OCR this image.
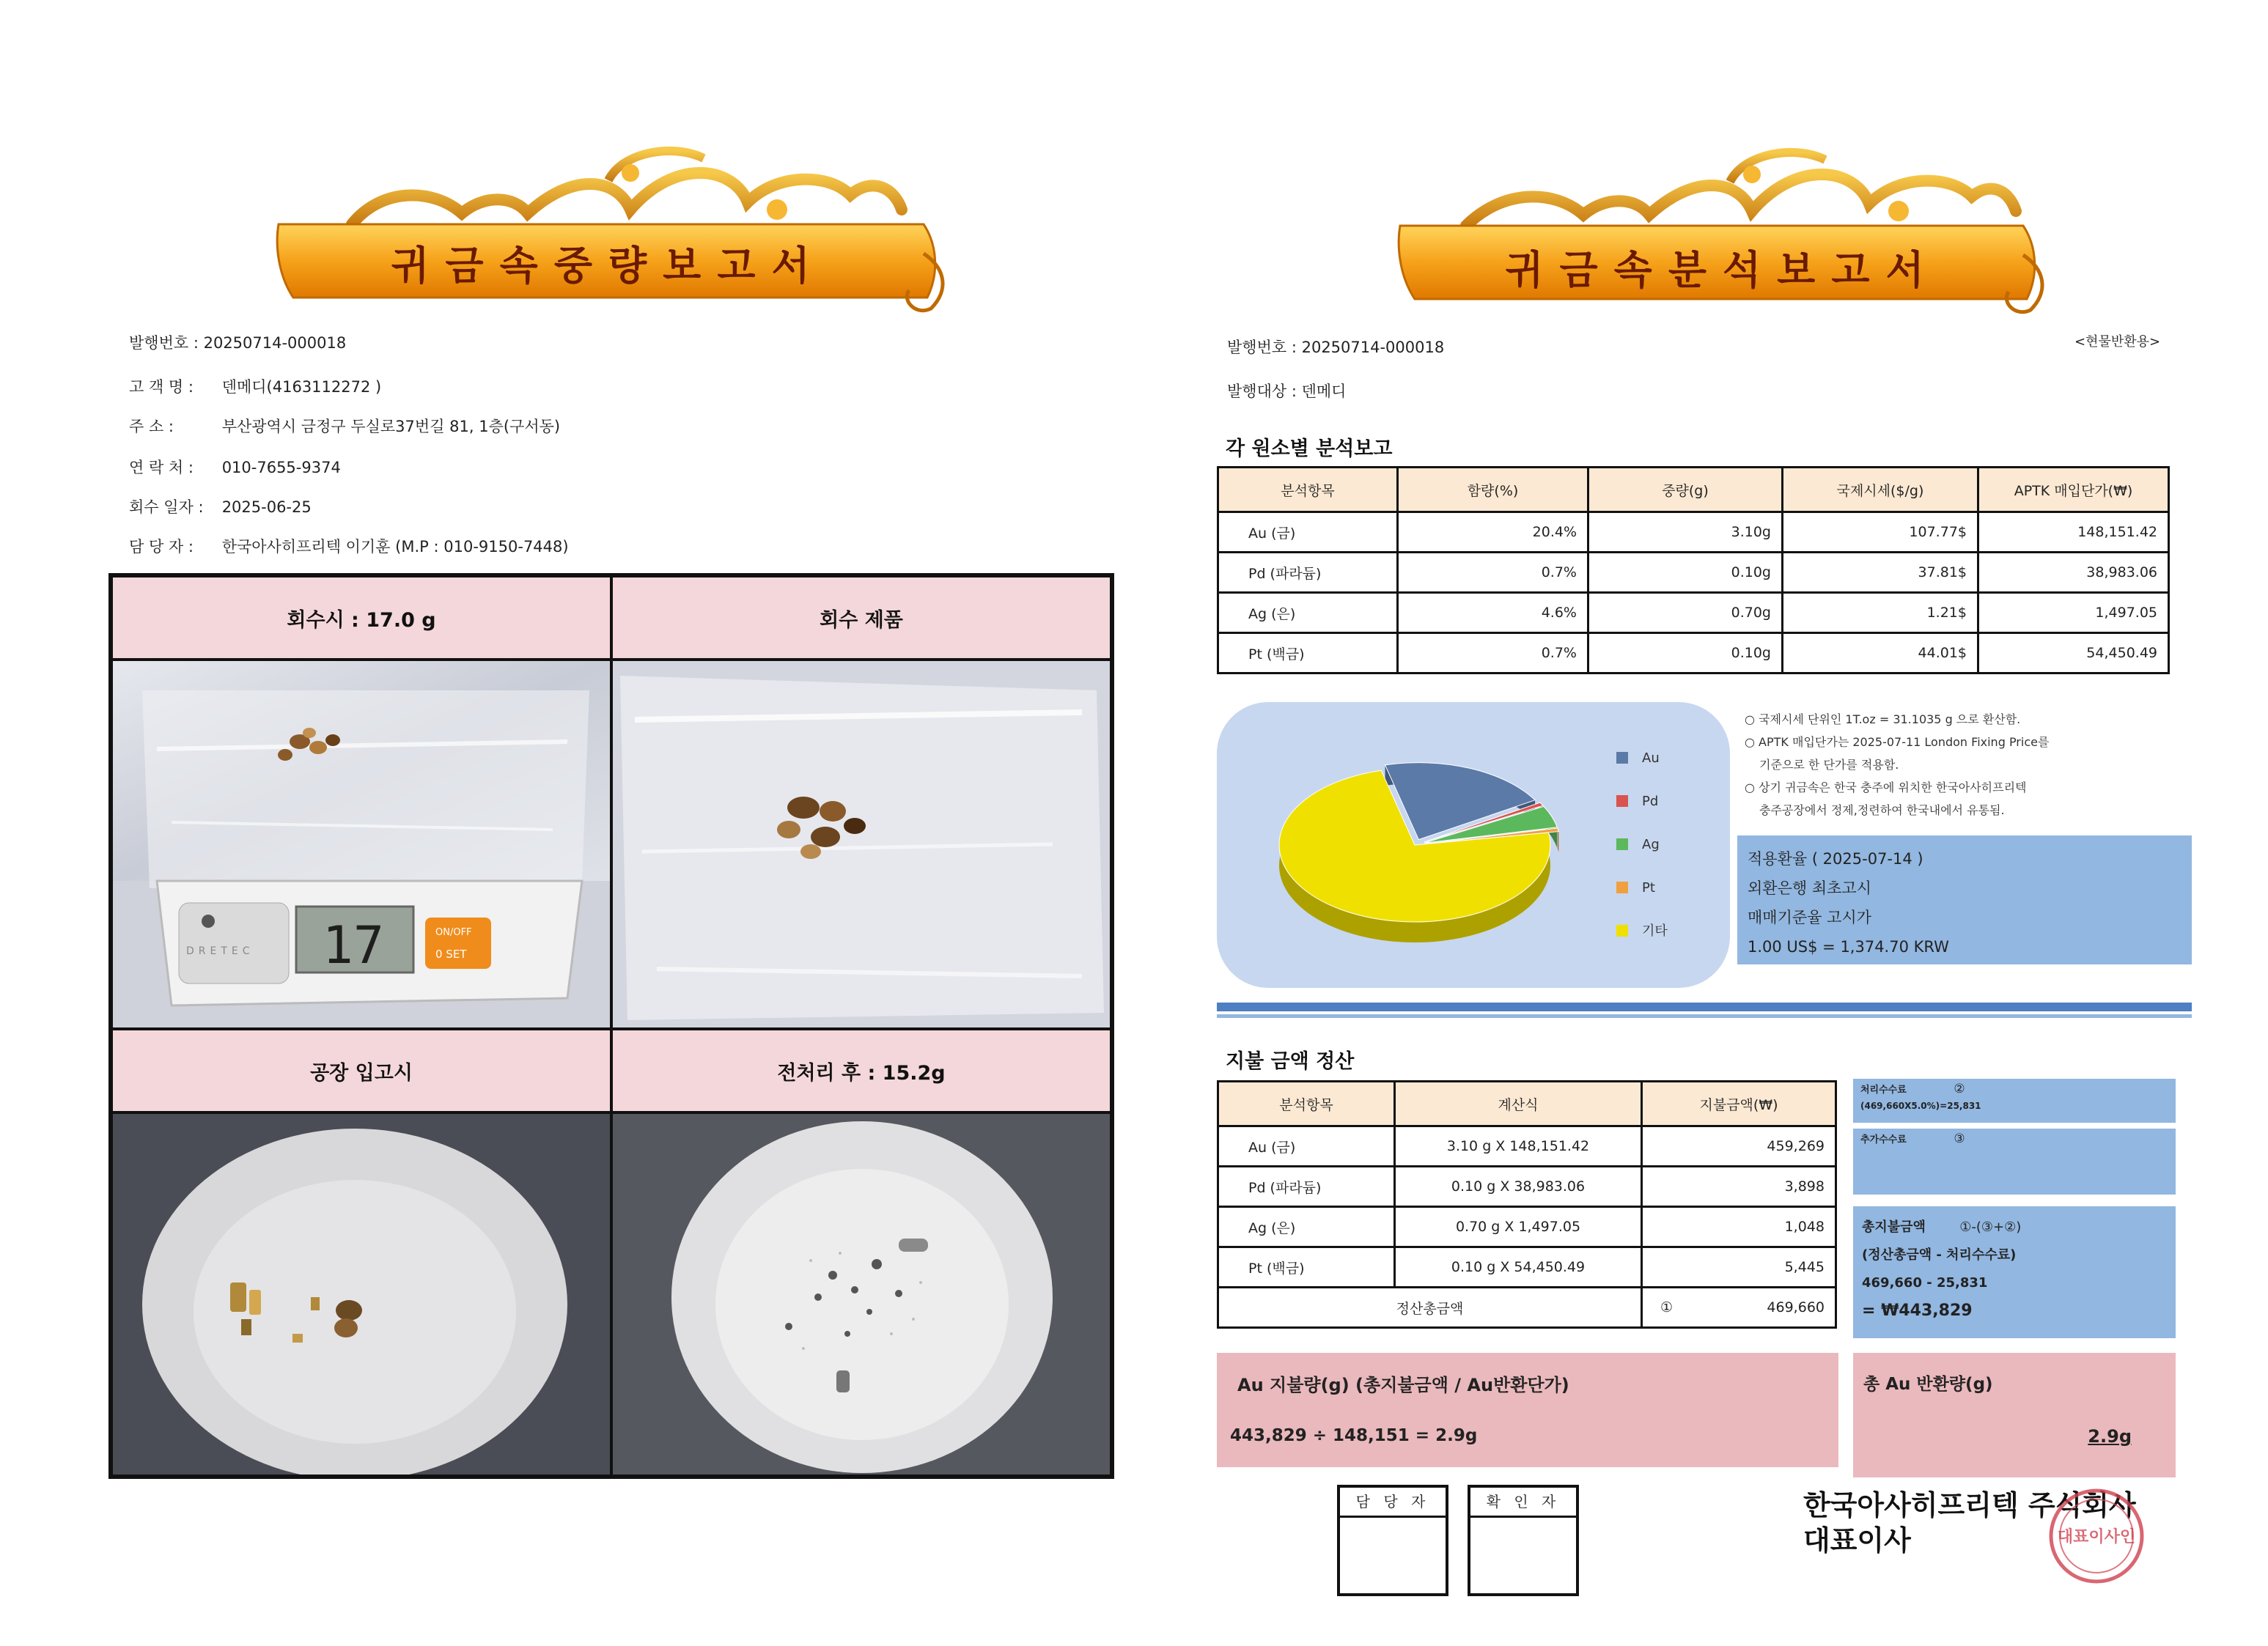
귀금속중량보고서
발행번호 : 20250714-000018
고 객 명 : 덴메디(4163112272 )
주 소 :	부산광역시 금정구 두실로37번길 81, 1층(구서동)
연 락 처 : 010-7655-9374
회수 일자 : 2025-06-25
담 당 자 : 한국아사히프리텍 이기훈 (M.P : 010-9150-7448)
회수시 : 17.0 g	회수 제품
공장 입고시	전처리 후 : 15.2g
DRETEC 17	ON/OFF
0 SET
귀금속분석보고서
발행번호 : 20250714-000018	<현물반환용>
발행대상 : 덴메디
각 원소별 분석보고
분석항목	함량(%)	중량(g)	국제시세($/g)	APTK 매입단가(₩)
Au (금)	20.4%	3.10g	107.77$	148,151.42
Pd (파라듐)	0.7%	0.10g	37.81$	38,983.06
Ag (은)	4.6%	0.70g	1.21$	1,497.05
Pt (백금)	0.7%	0.10g	44.01$	54,450.49
Au
Pd
Ag
Pt
기타
○ 국제시세 단위인 1T.oz = 31.1035 g 으로 환산함.
○ APTK 매입단가는 2025-07-11 London Fixing Price를
기준으로 한 단가를 적용함.
○ 상기 귀금속은 한국 충주에 위치한 한국아사히프리텍
충주공장에서 정제,정련하여 한국내에서 유통됨.
적용환율 ( 2025-07-14 )
외환은행 최초고시
매매기준율 고시가
1.00 US$ = 1,374.70 KRW
지불 금액 정산
분석항목	계산식	지불금액(₩)
Au (금)	3.10 g X 148,151.42	459,269
Pd (파라듐)	0.10 g X 38,983.06	3,898
Ag (은)	0.70 g X 1,497.05	1,048
Pt (백금)	0.10 g X 54,450.49	5,445
정산총금액		① 469,660
처리수수료	②
(469,660X5.0%)=25,831
추가수수료	③
총지불금액	①-(③+②)
(정산총금액 - 처리수수료)
469,660 - 25,831
= ₩443,829
Au 지불량(g) (총지불금액 / Au반환단가)
443,829 ÷ 148,151 = 2.9g
총 Au 반환량(g)
2.9g
담 당 자	확 인 자	한국아사히프리텍 주식회사
대표이사	대표이사인
